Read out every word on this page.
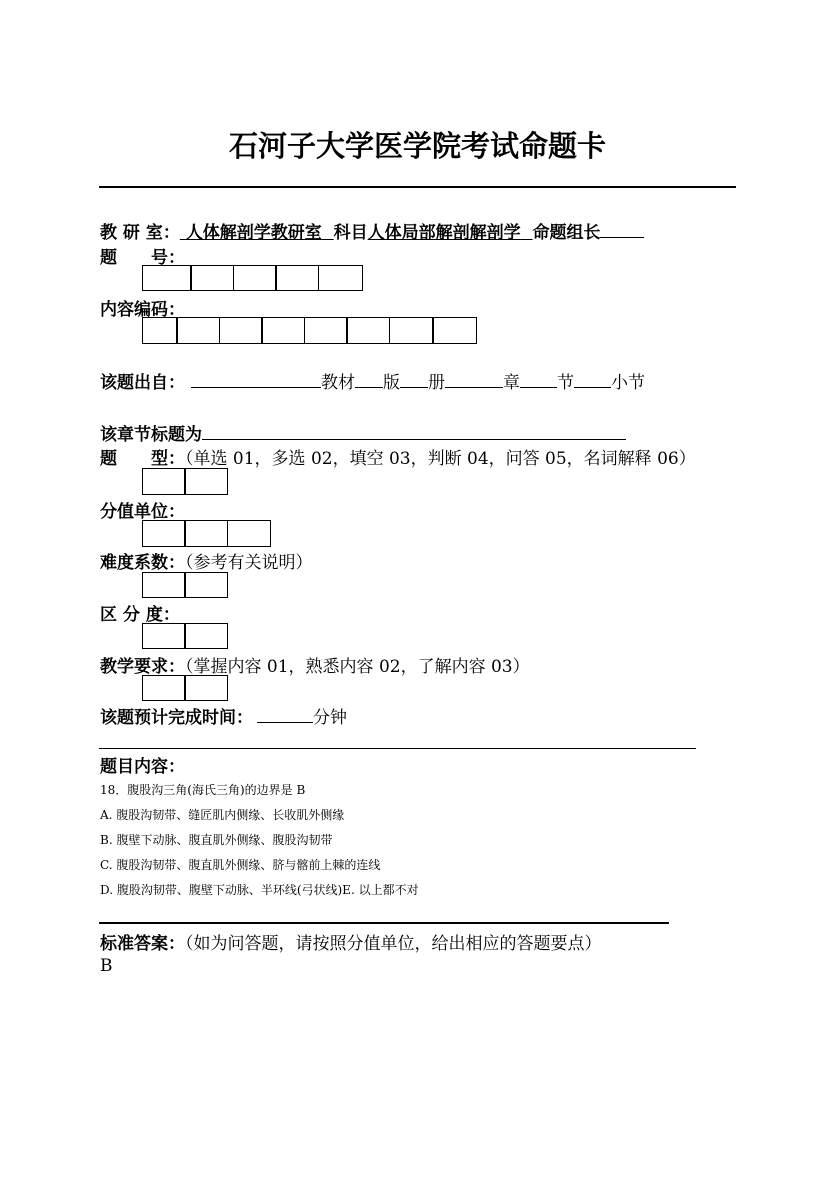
石河子大学医学院考试命题卡
教 研 室： 人体解剖学教研室 科目人体局部解剖解剖学 命题组长
题　　号：
内容编码：
该题出自：	教材 版 册	章 节 小节
该章节标题为
题　　型：（单选 01，多选 02，填空 03，判断 04，问答 05，名词解释 06）
分值单位：
难度系数：（参考有关说明）
区 分 度：
教学要求：（掌握内容 01，熟悉内容 02，了解内容 03）
该题预计完成时间：	分钟
题目内容：
18．腹股沟三角(海氏三角)的边界是 B
A. 腹股沟韧带、缝匠肌内侧缘、长收肌外侧缘
B. 腹壁下动脉、腹直肌外侧缘、腹股沟韧带
C. 腹股沟韧带、腹直肌外侧缘、脐与髂前上棘的连线
D. 腹股沟韧带、腹壁下动脉、半环线(弓状线)E. 以上都不对
标准答案：（如为问答题，请按照分值单位，给出相应的答题要点）
B
